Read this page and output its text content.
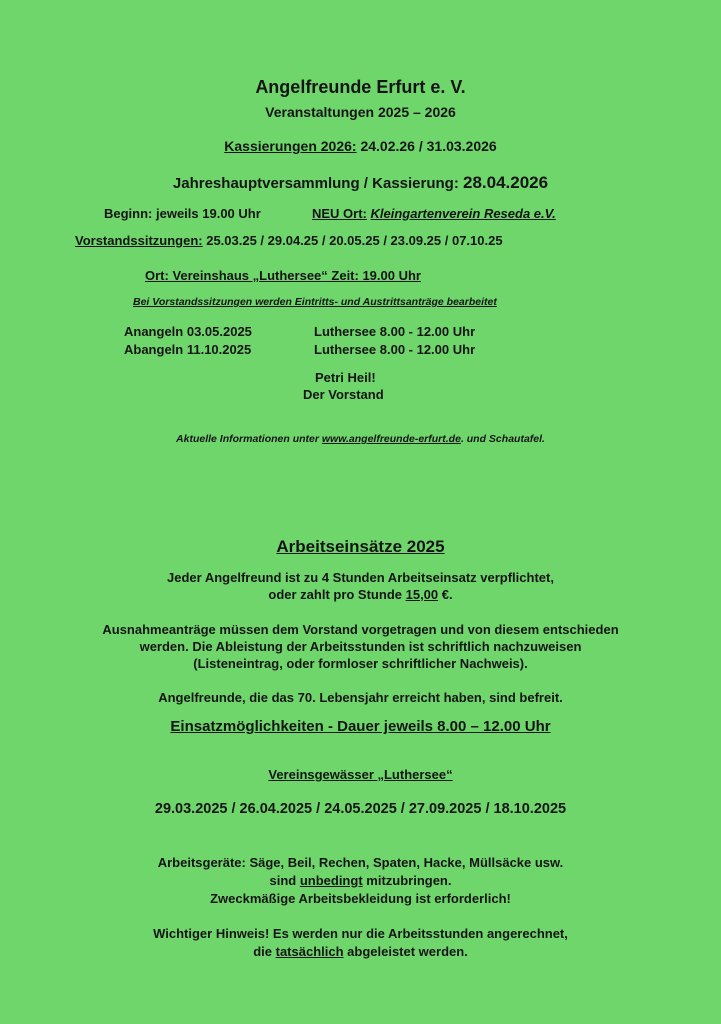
Angelfreunde Erfurt e. V.
Veranstaltungen 2025 – 2026
Kassierungen 2026: 24.02.26 / 31.03.2026
Jahreshauptversammlung / Kassierung: 28.04.2026
Beginn: jeweils 19.00 Uhr	NEU Ort: Kleingartenverein Reseda e.V.
Vorstandssitzungen: 25.03.25 / 29.04.25 / 20.05.25 / 23.09.25 / 07.10.25
Ort: Vereinshaus „Luthersee“ Zeit: 19.00 Uhr
Bei Vorstandssitzungen werden Eintritts- und Austrittsanträge bearbeitet
Anangeln 03.05.2025	Luthersee 8.00 - 12.00 Uhr
Abangeln 11.10.2025	Luthersee 8.00 - 12.00 Uhr
Petri Heil!
Der Vorstand
Aktuelle Informationen unter www.angelfreunde-erfurt.de. und Schautafel.
Arbeitseinsätze 2025
Jeder Angelfreund ist zu 4 Stunden Arbeitseinsatz verpflichtet,
oder zahlt pro Stunde 15,00 €.
Ausnahmeanträge müssen dem Vorstand vorgetragen und von diesem entschieden
werden. Die Ableistung der Arbeitsstunden ist schriftlich nachzuweisen
(Listeneintrag, oder formloser schriftlicher Nachweis).
Angelfreunde, die das 70. Lebensjahr erreicht haben, sind befreit.
Einsatzmöglichkeiten - Dauer jeweils 8.00 – 12.00 Uhr
Vereinsgewässer „Luthersee“
29.03.2025 / 26.04.2025 / 24.05.2025 / 27.09.2025 / 18.10.2025
Arbeitsgeräte: Säge, Beil, Rechen, Spaten, Hacke, Müllsäcke usw.
sind unbedingt mitzubringen.
Zweckmäßige Arbeitsbekleidung ist erforderlich!
Wichtiger Hinweis! Es werden nur die Arbeitsstunden angerechnet,
die tatsächlich abgeleistet werden.
